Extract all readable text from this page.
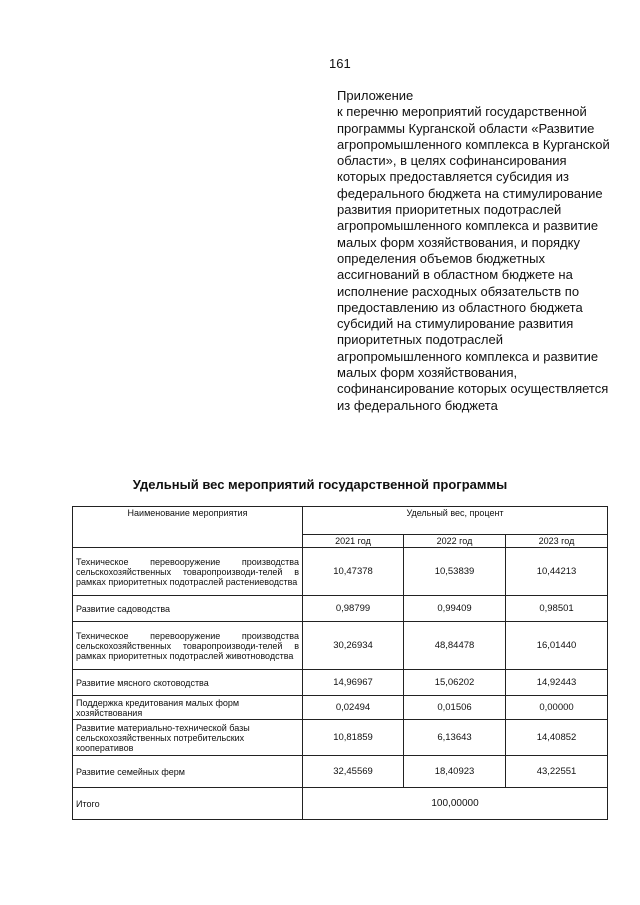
161
Приложение
к перечню мероприятий государственной программы Курганской области «Развитие агропромышленного комплекса в Курганской области», в целях софинансирования которых предоставляется субсидия из федерального бюджета на стимулирование развития приоритетных подотраслей агропромышленного комплекса и развитие малых форм хозяйствования, и порядку определения объемов бюджетных ассигнований в областном бюджете на исполнение расходных обязательств по предоставлению из областного бюджета субсидий на стимулирование развития приоритетных подотраслей агропромышленного комплекса и развитие малых форм хозяйствования, софинансирование которых осуществляется из федерального бюджета
Удельный вес мероприятий государственной программы
Наименование мероприятия	Удельный вес, процент		
	2021 год	2022 год	2023 год
Техническое перевооружение производства сельскохозяйственных товаропроизводи-телей в рамках приоритетных подотраслей растениеводства	10,47378	10,53839	10,44213
Развитие садоводства	0,98799	0,99409	0,98501
Техническое перевооружение производства сельскохозяйственных товаропроизводи-телей в рамках приоритетных подотраслей животноводства	30,26934	48,84478	16,01440
Развитие мясного скотоводства	14,96967	15,06202	14,92443
Поддержка кредитования малых форм хозяйствования	0,02494	0,01506	0,00000
Развитие материально-технической базы сельскохозяйственных потребительских кооперативов	10,81859	6,13643	14,40852
Развитие семейных ферм	32,45569	18,40923	43,22551
Итого	100,00000		
